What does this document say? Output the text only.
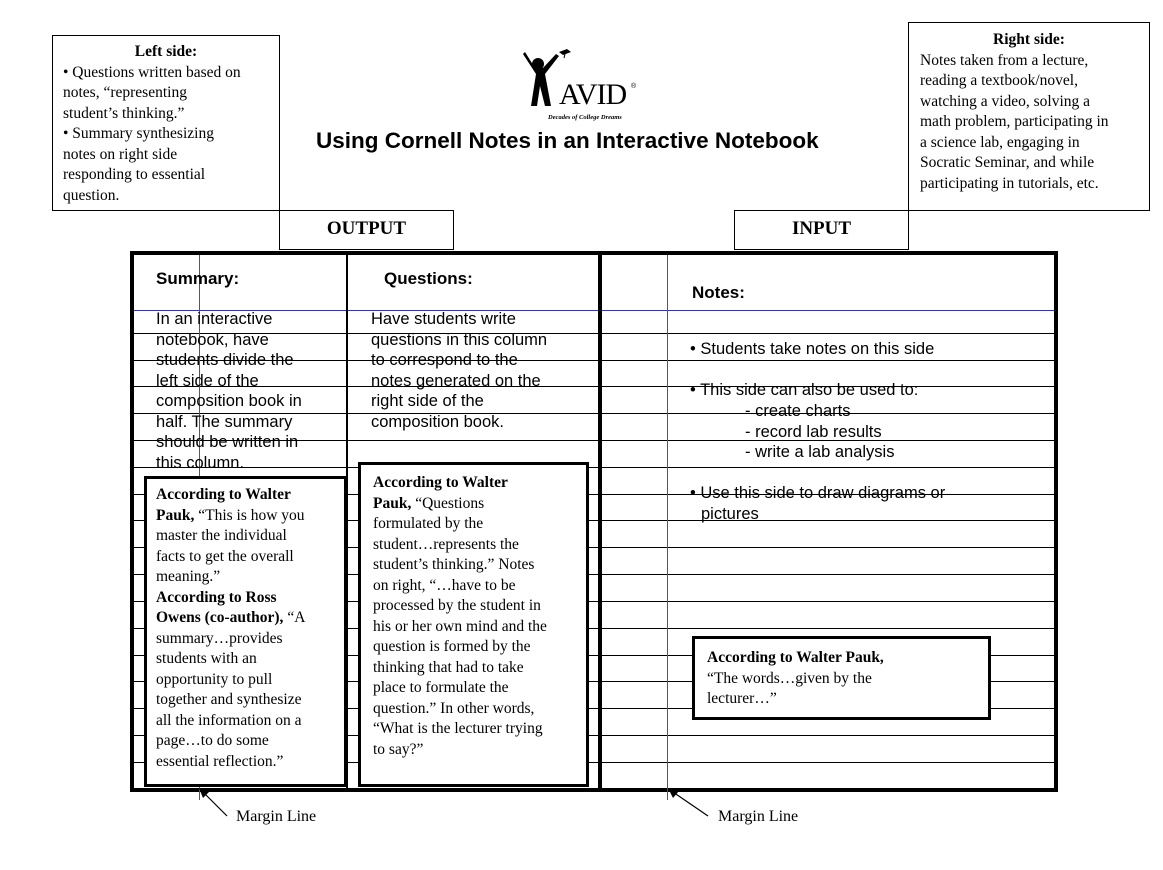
Left side:
• Questions written based on
notes, “representing
student’s thinking.”
• Summary synthesizing
notes on right side
responding to essential
question.
Right side:
Notes taken from a lecture,
reading a textbook/novel,
watching a video, solving a
math problem, participating in
a science lab, engaging in
Socratic Seminar, and while
participating in tutorials, etc.
AVID ®
Decades of College Dreams
Using Cornell Notes in an Interactive Notebook
OUTPUT	INPUT
Summary:
In an interactive
notebook, have
students divide the
left side of the
composition book in
half. The summary
should be written in
this column.
Questions:
Have students write
questions in this column
to correspond to the
notes generated on the
right side of the
composition book.
Notes:
• Students take notes on this side
• This side can also be used to:
- create charts
- record lab results
- write a lab analysis
• Use this side to draw diagrams or
pictures
According to Walter
Pauk, “This is how you
master the individual
facts to get the overall
meaning.”
According to Ross
Owens (co-author), “A
summary…provides
students with an
opportunity to pull
together and synthesize
all the information on a
page…to do some
essential reflection.”
According to Walter
Pauk, “Questions
formulated by the
student…represents the
student’s thinking.” Notes
on right, “…have to be
processed by the student in
his or her own mind and the
question is formed by the
thinking that had to take
place to formulate the
question.” In other words,
“What is the lecturer trying
to say?”
According to Walter Pauk,
“The words…given by the
lecturer…”
Margin Line	Margin Line
